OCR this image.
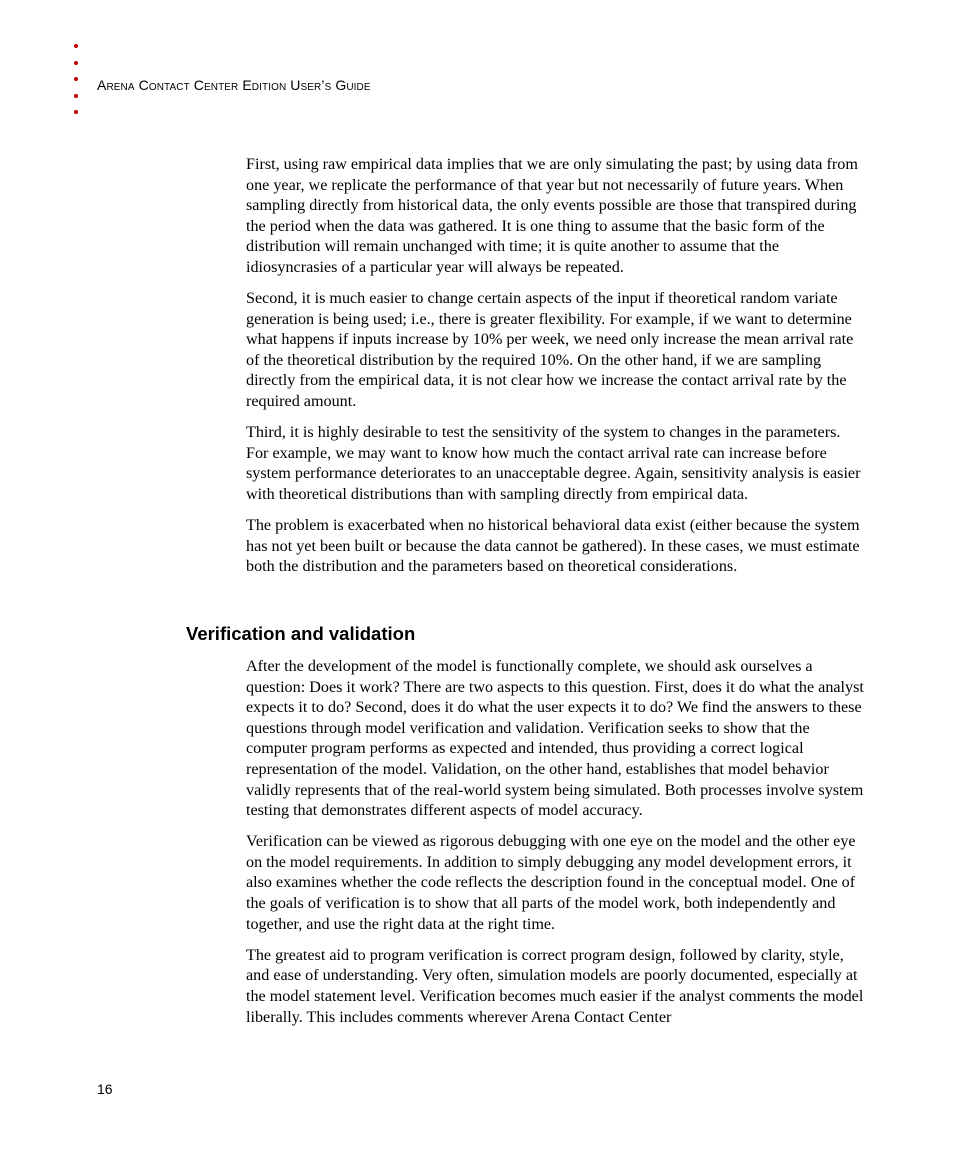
Arena Contact Center Edition User’s Guide

First, using raw empirical data implies that we are only simulating the past; by using data from one year, we replicate the performance of that year but not necessarily of future years. When sampling directly from historical data, the only events possible are those that transpired during the period when the data was gathered. It is one thing to assume that the basic form of the distribution will remain unchanged with time; it is quite another to assume that the idiosyncrasies of a particular year will always be repeated.

Second, it is much easier to change certain aspects of the input if theoretical random variate generation is being used; i.e., there is greater flexibility. For example, if we want to determine what happens if inputs increase by 10% per week, we need only increase the mean arrival rate of the theoretical distribution by the required 10%. On the other hand, if we are sampling directly from the empirical data, it is not clear how we increase the contact arrival rate by the required amount.

Third, it is highly desirable to test the sensitivity of the system to changes in the parameters. For example, we may want to know how much the contact arrival rate can increase before system performance deteriorates to an unacceptable degree. Again, sensitivity analysis is easier with theoretical distributions than with sampling directly from empirical data.

The problem is exacerbated when no historical behavioral data exist (either because the system has not yet been built or because the data cannot be gathered). In these cases, we must estimate both the distribution and the parameters based on theoretical considerations.

Verification and validation

After the development of the model is functionally complete, we should ask ourselves a question: Does it work? There are two aspects to this question. First, does it do what the analyst expects it to do? Second, does it do what the user expects it to do? We find the answers to these questions through model verification and validation. Verification seeks to show that the computer program performs as expected and intended, thus providing a correct logical representation of the model. Validation, on the other hand, establishes that model behavior validly represents that of the real-world system being simulated. Both processes involve system testing that demonstrates different aspects of model accuracy.

Verification can be viewed as rigorous debugging with one eye on the model and the other eye on the model requirements. In addition to simply debugging any model development errors, it also examines whether the code reflects the description found in the conceptual model. One of the goals of verification is to show that all parts of the model work, both independently and together, and use the right data at the right time.

The greatest aid to program verification is correct program design, followed by clarity, style, and ease of understanding. Very often, simulation models are poorly documented, especially at the model statement level. Verification becomes much easier if the analyst comments the model liberally. This includes comments wherever Arena Contact Center

16
